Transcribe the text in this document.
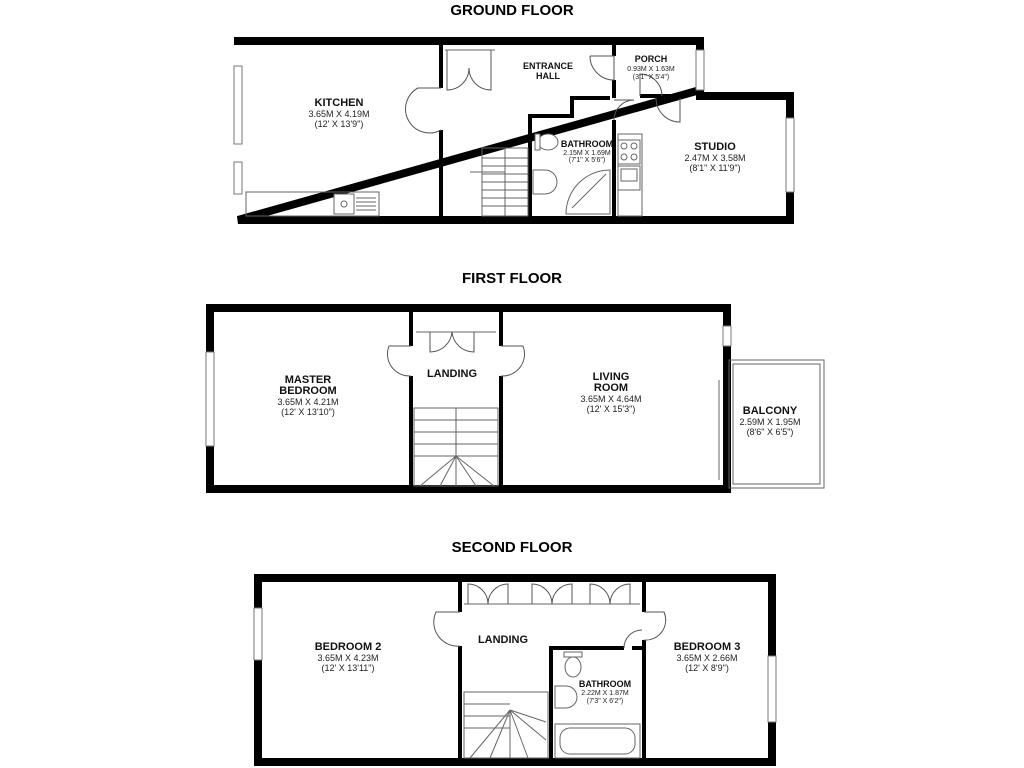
GROUND FLOOR
KITCHEN
3.65M X 4.19M
(12' X 13'9")
ENTRANCE
HALL
PORCH
0.93M X 1.63M
(3'1" X 5'4")
BATHROOM
2.15M X 1.69M
(7'1" X 5'6")
STUDIO
2.47M X 3.58M
(8'1" X 11'9")
FIRST FLOOR
MASTER
BEDROOM
3.65M X 4.21M
(12' X 13'10")
LANDING	LIVING
ROOM
3.65M X 4.64M
(12' X 15'3")	BALCONY
2.59M X 1.95M
(8'6" X 6'5")
SECOND FLOOR
BEDROOM 2
3.65M X 4.23M
(12' X 13'11")
LANDING
BATHROOM
2.22M X 1.87M
(7'3" X 6'2")
BEDROOM 3
3.65M X 2.66M
(12' X 8'9")
